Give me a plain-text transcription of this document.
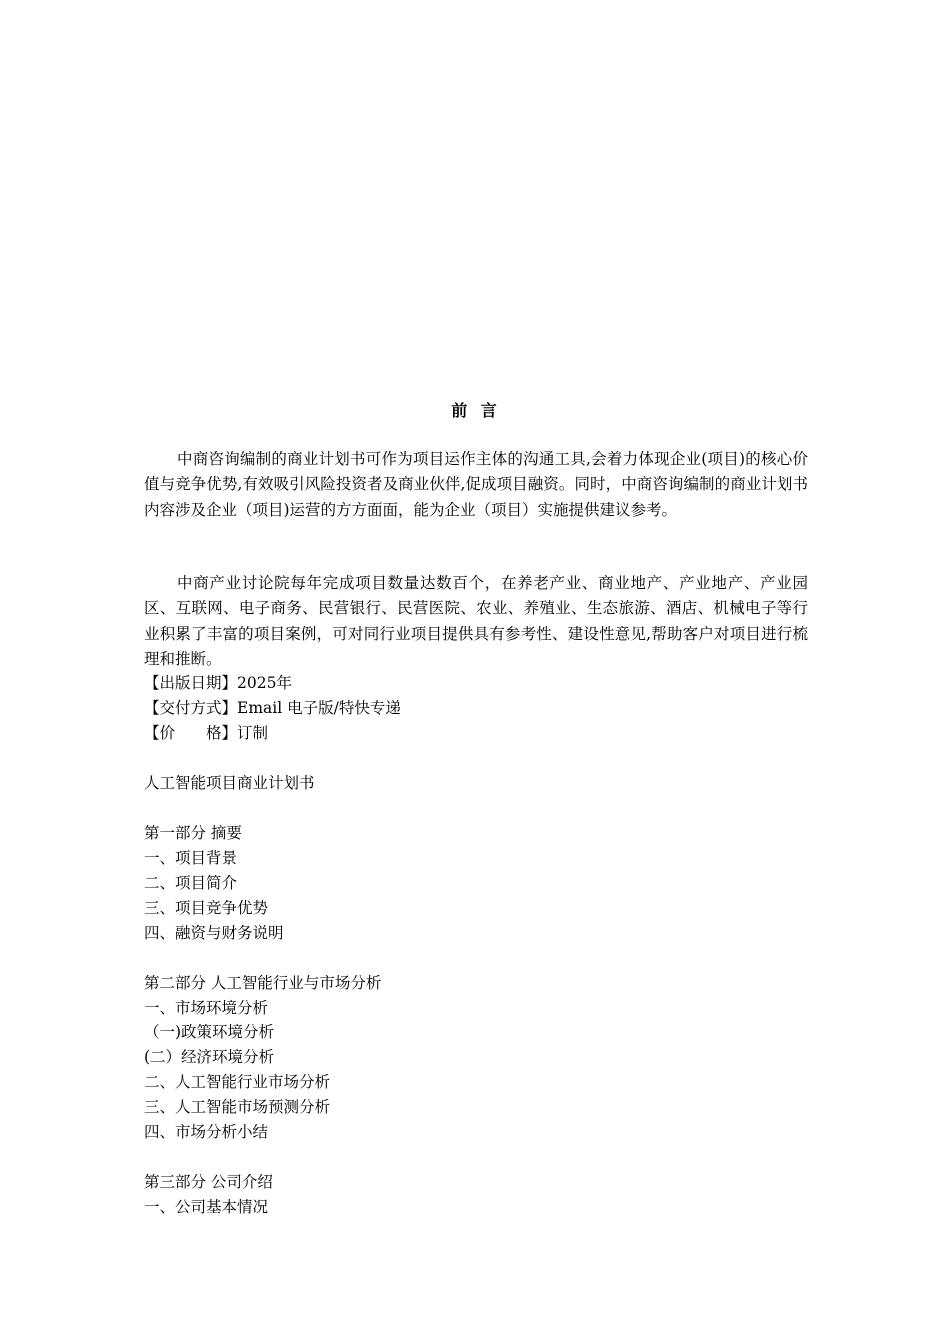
前 言

中商咨询编制的商业计划书可作为项目运作主体的沟通工具,会着力体现企业(项目)的核心价值与竞争优势,有效吸引风险投资者及商业伙伴,促成项目融资。同时，中商咨询编制的商业计划书内容涉及企业（项目)运营的方方面面，能为企业（项目）实施提供建议参考。

中商产业讨论院每年完成项目数量达数百个，在养老产业、商业地产、产业地产、产业园区、互联网、电子商务、民营银行、民营医院、农业、养殖业、生态旅游、酒店、机械电子等行业积累了丰富的项目案例，可对同行业项目提供具有参考性、建设性意见,帮助客户对项目进行梳理和推断。

【出版日期】2025年
【交付方式】Email 电子版/特快专递
【价　　格】订制
人工智能项目商业计划书
第一部分 摘要
一、项目背景
二、项目简介
三、项目竞争优势
四、融资与财务说明
第二部分 人工智能行业与市场分析
一、市场环境分析
（一)政策环境分析
(二）经济环境分析
二、人工智能行业市场分析
三、人工智能市场预测分析
四、市场分析小结
第三部分 公司介绍
一、公司基本情况
